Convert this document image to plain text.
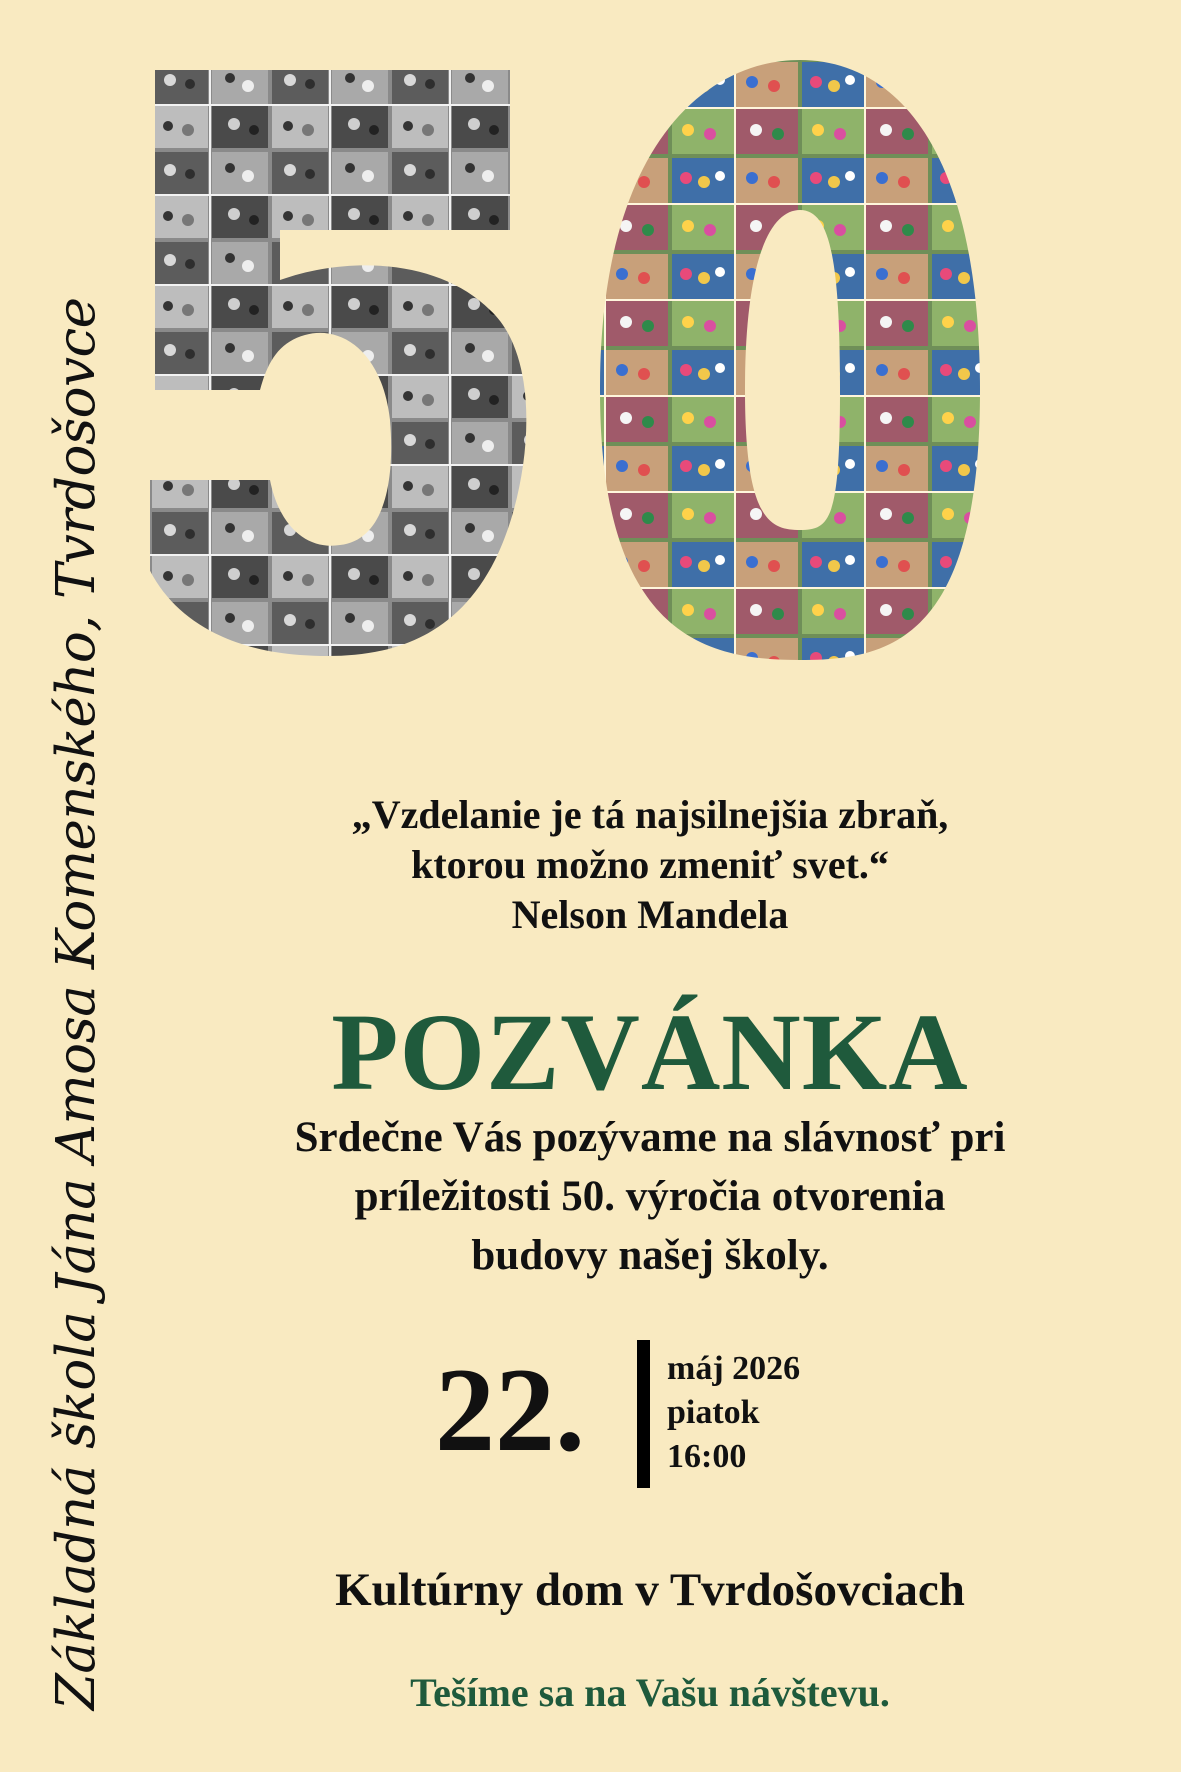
Základná škola Jána Amosa Komenského, Tvrdošovce	„Vzdelanie je tá najsilnejšia zbraň,
ktorou možno zmeniť svet.“
Nelson Mandela
POZVÁNKA
Srdečne Vás pozývame na slávnosť pri
príležitosti 50. výročia otvorenia
budovy našej školy.
22. máj 2026
piatok
16:00
Kultúrny dom v Tvrdošovciach
Tešíme sa na Vašu návštevu.
